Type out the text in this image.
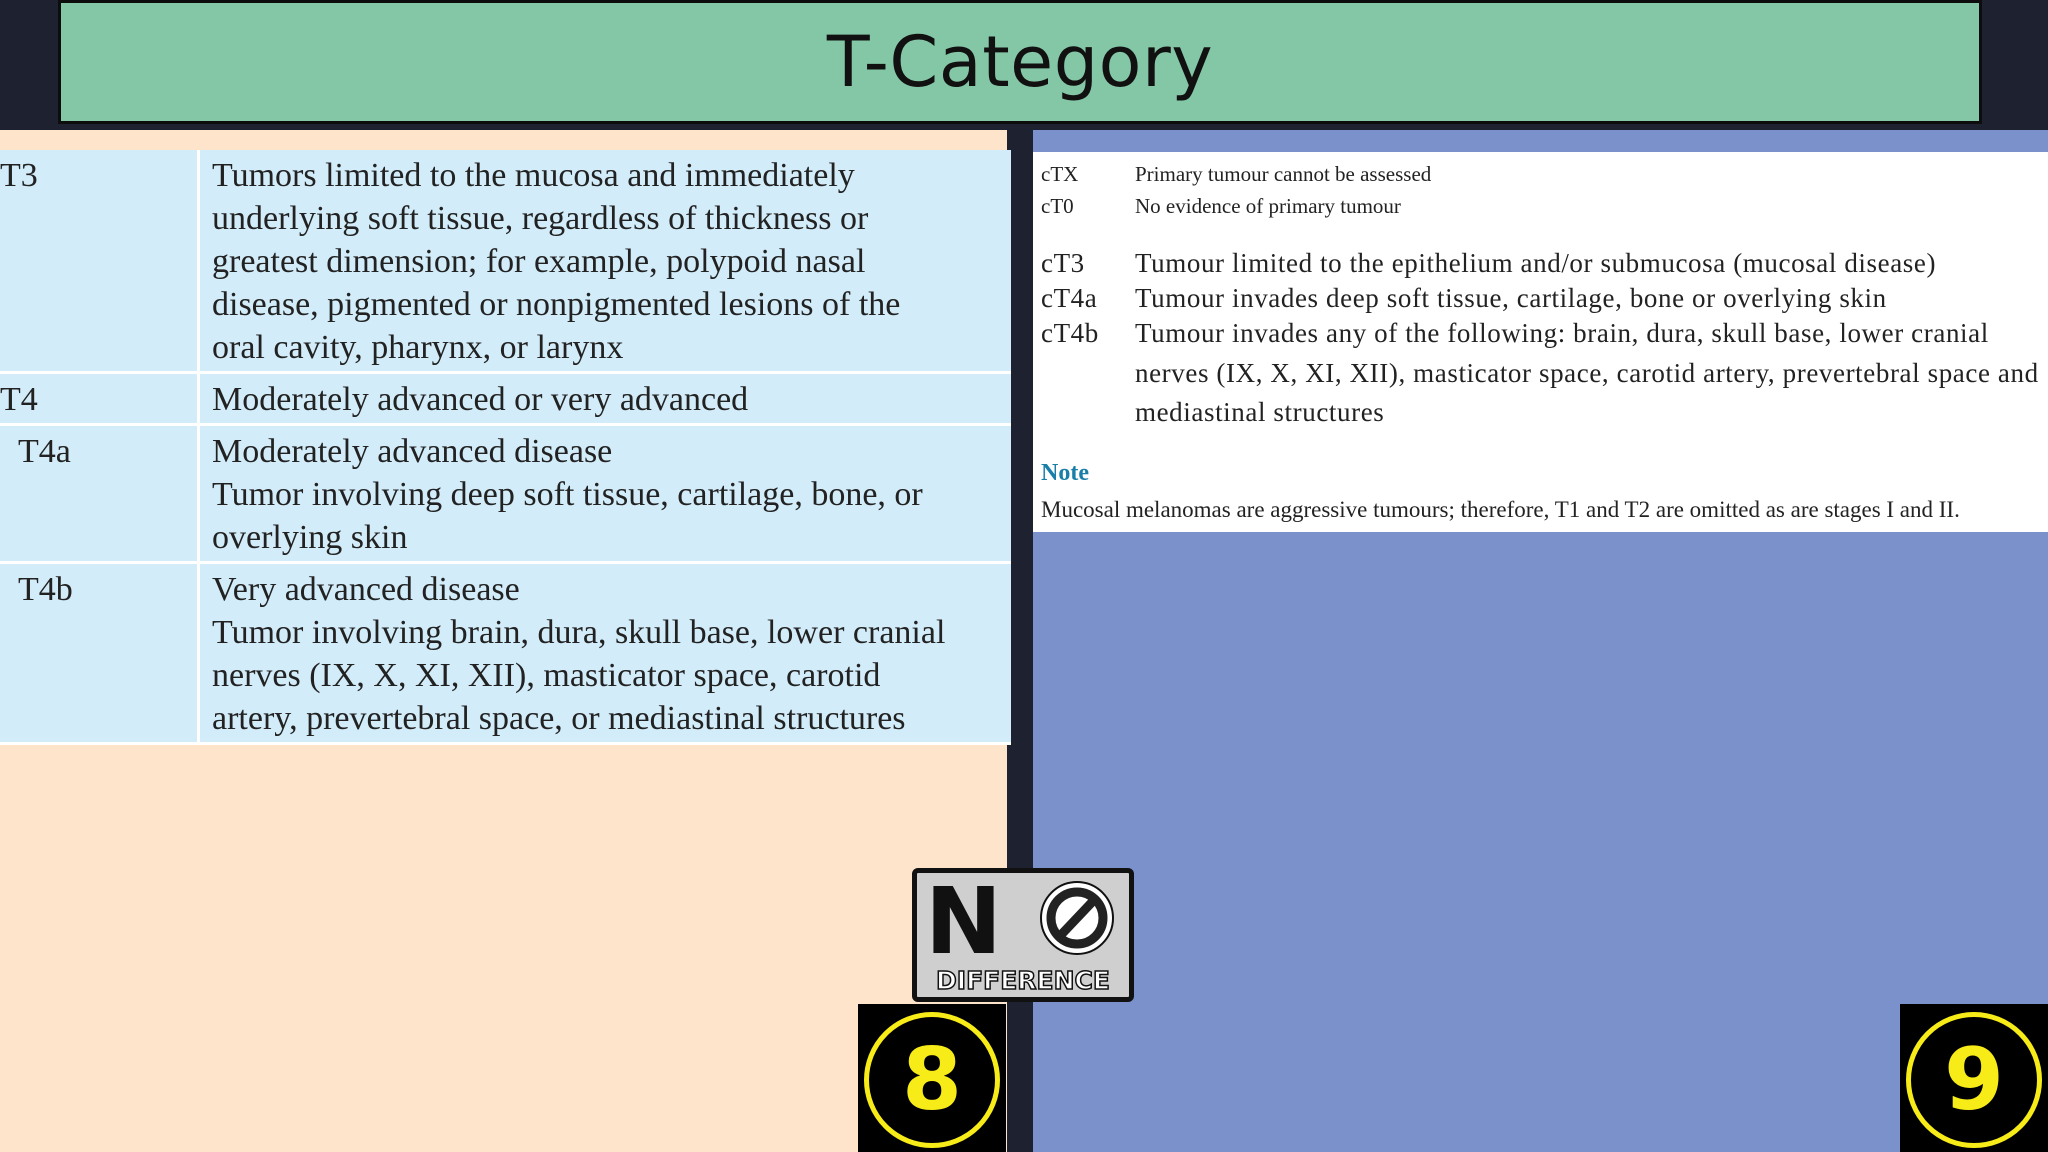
T-Category
T3	Tumors limited to the mucosa and immediately
underlying soft tissue, regardless of thickness or
greatest dimension; for example, polypoid nasal
disease, pigmented or nonpigmented lesions of the
oral cavity, pharynx, or larynx

T4	Moderately advanced or very advanced

T4a	Moderately advanced disease
Tumor involving deep soft tissue, cartilage, bone, or
overlying skin

T4b	Very advanced disease
Tumor involving brain, dura, skull base, lower cranial
nerves (IX, X, XI, XII), masticator space, carotid
artery, prevertebral space, or mediastinal structures
cTX	Primary tumour cannot be assessed
cT0	No evidence of primary tumour
cT3 Tumour limited to the epithelium and/or submucosa (mucosal disease)
cT4a Tumour invades deep soft tissue, cartilage, bone or overlying skin
cT4b Tumour invades any of the following: brain, dura, skull base, lower cranial
nerves (IX, X, XI, XII), masticator space, carotid artery, prevertebral space and
mediastinal structures
Note
Mucosal melanomas are aggressive tumours; therefore, T1 and T2 are omitted as are stages I and II.
N
DIFFERENCE
8	9
